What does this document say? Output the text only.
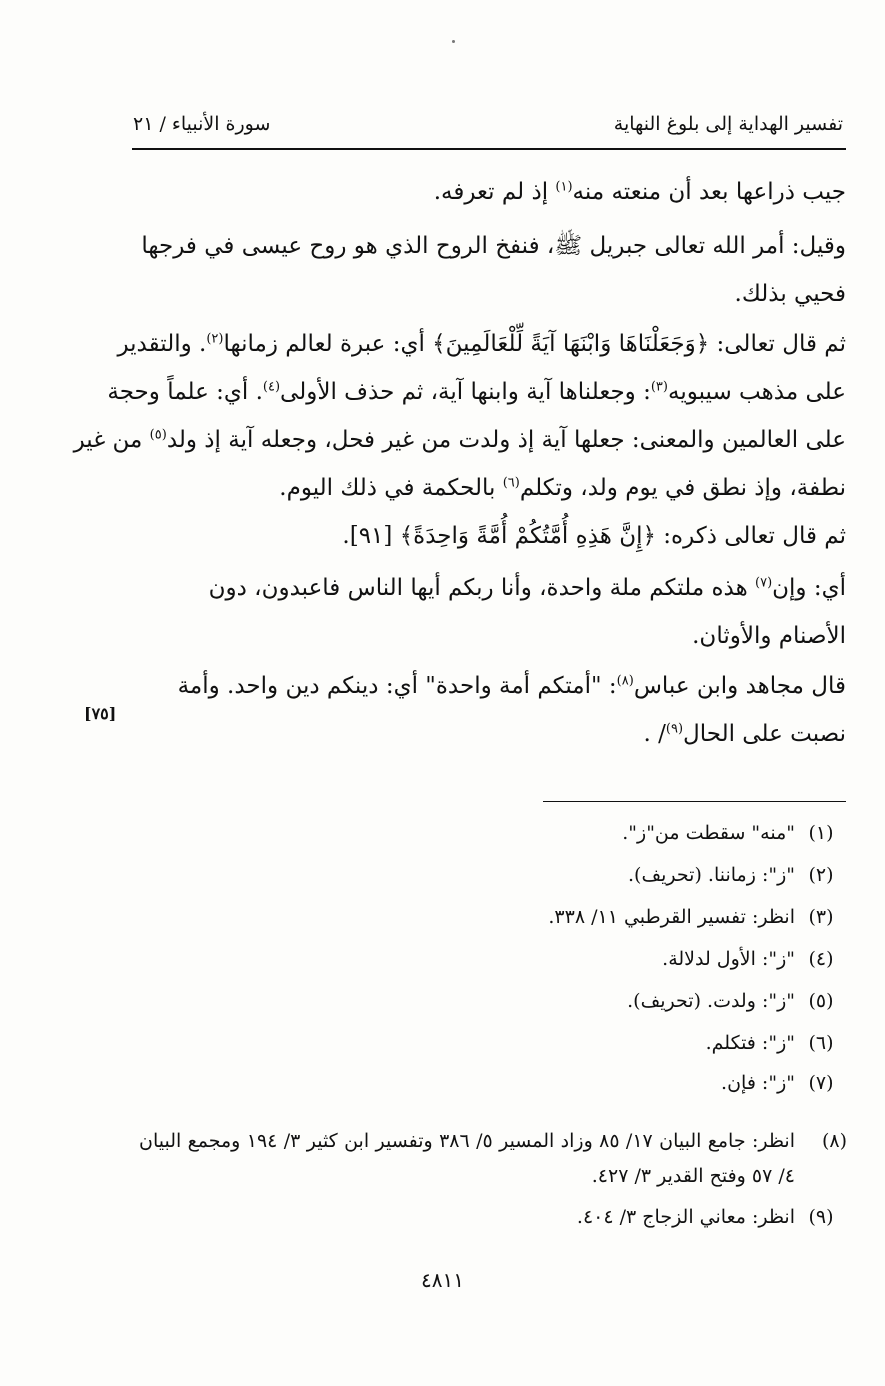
تفسير الهداية إلى بلوغ النهاية
سورة الأنبياء / ٢١
جيب ذراعها بعد أن منعته منه$^{(١)}$ إذ لم تعرفه.
وقيل: أمر الله تعالى جبريل ﷺ، فنفخ الروح الذي هو روح عيسى في فرجها
فحيي بذلك.
ثم قال تعالى: ﴿وَجَعَلْنَاهَا وَابْنَهَا آيَةً لِّلْعَالَمِينَ﴾ أي: عبرة لعالم زمانها$^{(٢)}$. والتقدير
على مذهب سيبويه$^{(٣)}$: وجعلناها آية وابنها آية، ثم حذف الأولى$^{(٤)}$. أي: علماً وحجة
على العالمين والمعنى: جعلها آية إذ ولدت من غير فحل، وجعله آية إذ ولد$^{(٥)}$ من غير
نطفة، وإذ نطق في يوم ولد، وتكلم$^{(٦)}$ بالحكمة في ذلك اليوم.
ثم قال تعالى ذكره: ﴿إِنَّ هَذِهِ أُمَّتُكُمْ أُمَّةً وَاحِدَةً﴾ [٩١].
أي: وإن$^{(٧)}$ هذه ملتكم ملة واحدة، وأنا ربكم أيها الناس فاعبدون، دون
الأصنام والأوثان.
قال مجاهد وابن عباس$^{(٨)}$: "أمتكم أمة واحدة" أي: دينكم دين واحد. وأمة
نصبت على الحال$^{(٩)}$/ .
[٧٥]
(١)"منه" سقطت من"ز".
(٢)"ز": زماننا. (تحريف).
(٣)انظر: تفسير القرطبي ١١/ ٣٣٨.
(٤)"ز": الأول لدلالة.
(٥)"ز": ولدت. (تحريف).
(٦)"ز": فتكلم.
(٧)"ز": فإن.
(٨)انظر: جامع البيان ١٧/ ٨٥ وزاد المسير ٥/ ٣٨٦ وتفسير ابن كثير ٣/ ١٩٤ ومجمع البيان
٤/ ٥٧ وفتح القدير ٣/ ٤٢٧.
(٩)انظر: معاني الزجاج ٣/ ٤٠٤.
٤٨١١
